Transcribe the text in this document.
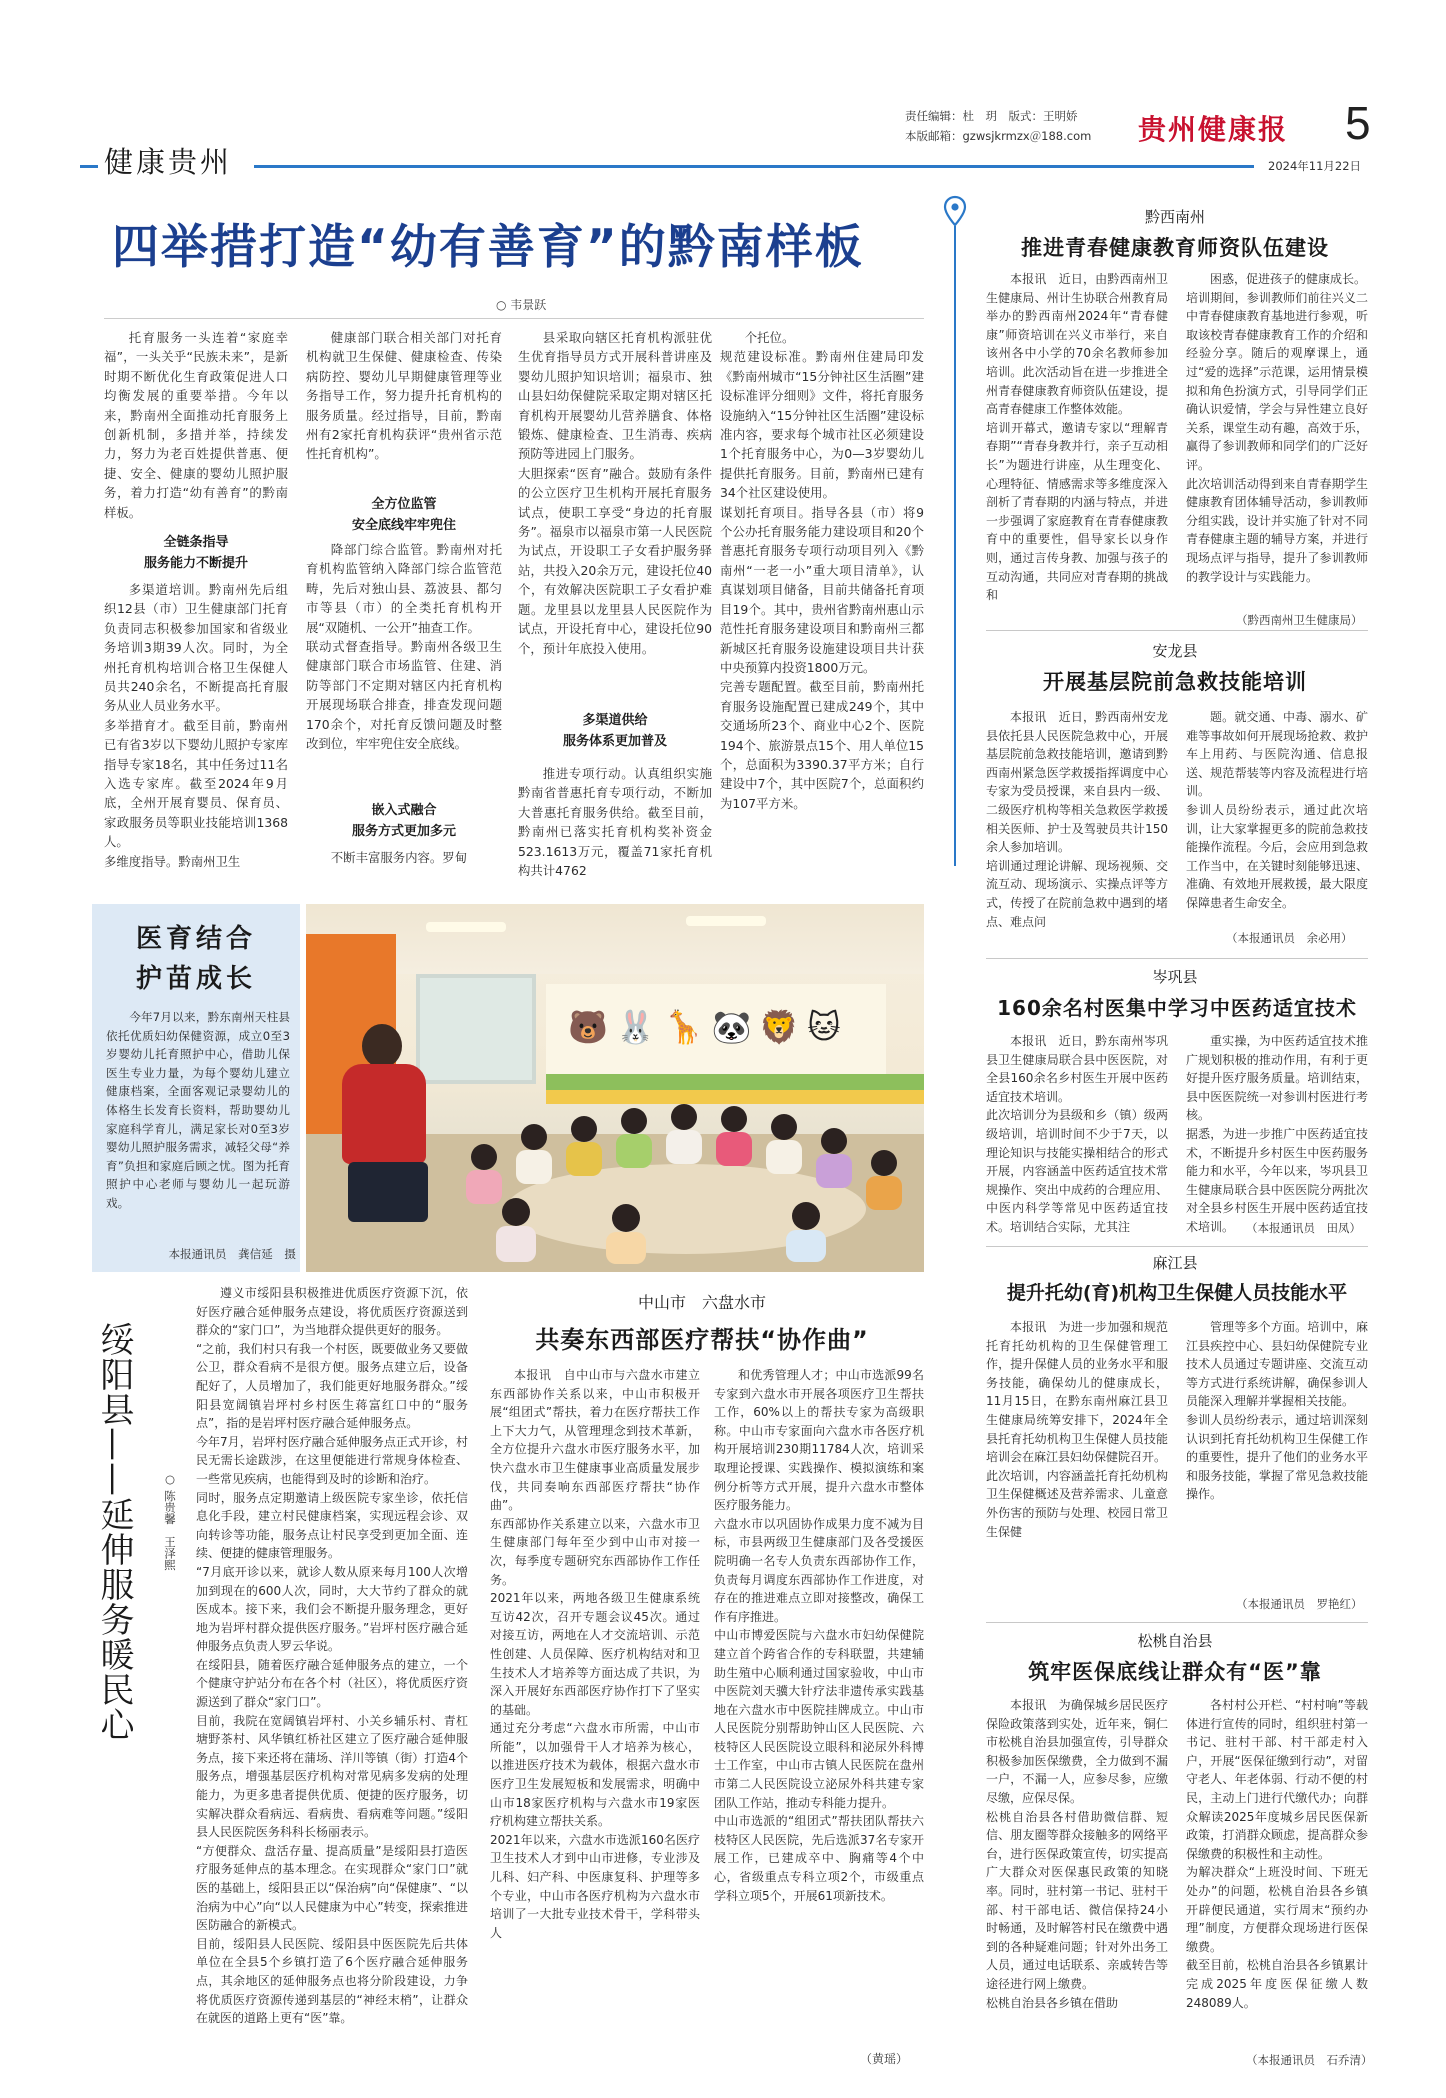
责任编辑：杜　玥　版式：王明娇
本版邮箱：gzwsjkrmzx＠188.com 贵州健康报 5
2024年11月22日
健康贵州
四举措打造“幼有善育”的黔南样板
○ 韦景跃
托育服务一头连着“家庭幸福”，一头关乎“民族未来”，是新时期不断优化生育政策促进人口均衡发展的重要举措。今年以来，黔南州全面推动托育服务上创新机制，多措并举，持续发力，努力为老百姓提供普惠、便捷、安全、健康的婴幼儿照护服务，着力打造“幼有善育”的黔南样板。
全链条指导
服务能力不断提升
多渠道培训。黔南州先后组织12县（市）卫生健康部门托育负责同志积极参加国家和省级业务培训3期39人次。同时，为全州托育机构培训合格卫生保健人员共240余名，不断提高托育服务从业人员业务水平。
多举措育才。截至目前，黔南州已有省3岁以下婴幼儿照护专家库指导专家18名，其中任务过11名入选专家库。截至2024年9月底，全州开展育婴员、保育员、家政服务员等职业技能培训1368人。
多维度指导。黔南州卫生
健康部门联合相关部门对托育机构就卫生保健、健康检查、传染病防控、婴幼儿早期健康管理等业务指导工作，努力提升托育机构的服务质量。经过指导，目前，黔南州有2家托育机构获评“贵州省示范性托育机构”。
全方位监管
安全底线牢牢兜住
降部门综合监管。黔南州对托育机构监管纳入降部门综合监管范畴，先后对独山县、荔波县、都匀市等县（市）的全类托育机构开展“双随机、一公开”抽查工作。
联动式督查指导。黔南州各级卫生健康部门联合市场监管、住建、消防等部门不定期对辖区内托育机构开展现场联合排查，排查发现问题170余个，对托育反馈问题及时整改到位，牢牢兜住安全底线。
嵌入式融合
服务方式更加多元
不断丰富服务内容。罗甸
县采取向辖区托育机构派驻优生优育指导员方式开展科普讲座及婴幼儿照护知识培训；福泉市、独山县妇幼保健院采取定期对辖区托育机构开展婴幼儿营养膳食、体格锻炼、健康检查、卫生消毒、疾病预防等进园上门服务。
大胆探索“医育”融合。鼓励有条件的公立医疗卫生机构开展托育服务试点，使职工享受“身边的托育服务”。福泉市以福泉市第一人民医院为试点，开设职工子女看护服务驿站，共投入20余万元，建设托位40个，有效解决医院职工子女看护难题。龙里县以龙里县人民医院作为试点，开设托育中心，建设托位90个，预计年底投入使用。
多渠道供给
服务体系更加普及
推进专项行动。认真组织实施黔南省普惠托育专项行动，不断加大普惠托育服务供给。截至目前，黔南州已落实托育机构奖补资金523.1613万元，覆盖71家托育机构共计4762
个托位。
规范建设标准。黔南州住建局印发《黔南州城市“15分钟社区生活圈”建设标准评分细则》文件，将托育服务设施纳入“15分钟社区生活圈”建设标准内容，要求每个城市社区必须建设1个托育服务中心，为0—3岁婴幼儿提供托育服务。目前，黔南州已建有34个社区建设使用。
谋划托育项目。指导各县（市）将9个公办托育服务能力建设项目和20个普惠托育服务专项行动项目列入《黔南州“一老一小”重大项目清单》，认真谋划项目储备，目前共储备托育项目19个。其中，贵州省黔南州惠山示范性托育服务建设项目和黔南州三都新城区托育服务设施建设项目共计获中央预算内投资1800万元。
完善专题配置。截至目前，黔南州托育服务设施配置已建成249个，其中交通场所23个、商业中心2个、医院194个、旅游景点15个、用人单位15个，总面积为3390.37平方米；自行建设中7个，其中医院7个，总面积约为107平方米。
医育结合
护苗成长
今年7月以来，黔东南州天柱县依托优质妇幼保健资源，成立0至3岁婴幼儿托育照护中心，借助儿保医生专业力量，为每个婴幼儿建立健康档案，全面客观记录婴幼儿的体格生长发育长资料，帮助婴幼儿家庭科学育儿，满足家长对0至3岁婴幼儿照护服务需求，减轻父母“养育”负担和家庭后顾之忧。图为托育照护中心老师与婴幼儿一起玩游戏。
本报通讯员　龚信延　摄
🐻🐰🦒🐼🦁🐱
绥阳县——延伸服务暖民心	○ 陈贵馨　王泽熙
遵义市绥阳县积极推进优质医疗资源下沉，依好医疗融合延伸服务点建设，将优质医疗资源送到群众的“家门口”，为当地群众提供更好的服务。
“之前，我们村只有我一个村医，既要做业务又要做公卫，群众看病不是很方便。服务点建立后，设备配好了，人员增加了，我们能更好地服务群众。”绥阳县宽阔镇岩坪村乡村医生蒋富红口中的“服务点”，指的是岩坪村医疗融合延伸服务点。
今年7月，岩坪村医疗融合延伸服务点正式开诊，村民无需长途跋涉，在这里便能进行常规身体检查、一些常见疾病，也能得到及时的诊断和治疗。
同时，服务点定期邀请上级医院专家坐诊，依托信息化手段，建立村民健康档案，实现远程会诊、双向转诊等功能，服务点让村民享受到更加全面、连续、便捷的健康管理服务。
“7月底开诊以来，就诊人数从原来每月100人次增加到现在的600人次，同时，大大节约了群众的就医成本。接下来，我们会不断提升服务理念，更好地为岩坪村群众提供医疗服务。”岩坪村医疗融合延伸服务点负责人罗云华说。
在绥阳县，随着医疗融合延伸服务点的建立，一个个健康守护站分布在各个村（社区），将优质医疗资源送到了群众“家门口”。
目前，我院在宽阔镇岩坪村、小关乡辅乐村、青杠塘野茶村、风华镇红桥社区建立了医疗融合延伸服务点，接下来还将在蒲场、洋川等镇（街）打造4个服务点，增强基层医疗机构对常见病多发病的处理能力，为更多患者提供优质、便捷的医疗服务，切实解决群众看病远、看病贵、看病难等问题。”绥阳县人民医院医务科科长杨丽表示。
“方便群众、盘活存量、提高质量”是绥阳县打造医疗服务延伸点的基本理念。在实现群众“家门口”就医的基础上，绥阳县正以“保治病”向“保健康”、“以治病为中心”向“以人民健康为中心”转变，探索推进医防融合的新模式。
目前，绥阳县人民医院、绥阳县中医医院先后共体单位在全县5个乡镇打造了6个医疗融合延伸服务点，其余地区的延伸服务点也将分阶段建设，力争将优质医疗资源传递到基层的“神经末梢”，让群众在就医的道路上更有“医”靠。
中山市　六盘水市
共奏东西部医疗帮扶“协作曲”
本报讯　自中山市与六盘水市建立东西部协作关系以来，中山市积极开展“组团式”帮扶，着力在医疗帮扶工作上下大力气，从管理理念到技术革新，全方位提升六盘水市医疗服务水平，加快六盘水市卫生健康事业高质量发展步伐，共同奏响东西部医疗帮扶“协作曲”。
东西部协作关系建立以来，六盘水市卫生健康部门每年至少到中山市对接一次，每季度专题研究东西部协作工作任务。
2021年以来，两地各级卫生健康系统互访42次，召开专题会议45次。通过对接互访，两地在人才交流培训、示范性创建、人员保障、医疗机构结对和卫生技术人才培养等方面达成了共识，为深入开展好东西部医疗协作打下了坚实的基础。
通过充分考虑“六盘水市所需，中山市所能”，以加强骨干人才培养为核心，以推进医疗技术为载体，根据六盘水市医疗卫生发展短板和发展需求，明确中山市18家医疗机构与六盘水市19家医疗机构建立帮扶关系。
2021年以来，六盘水市选派160名医疗卫生技术人才到中山市进修，专业涉及儿科、妇产科、中医康复科、护理等多个专业，中山市各医疗机构为六盘水市培训了一大批专业技术骨干，学科带头人
和优秀管理人才；中山市选派99名专家到六盘水市开展各项医疗卫生帮扶工作，60%以上的帮扶专家为高级职称。中山市专家面向六盘水市各医疗机构开展培训230期11784人次，培训采取理论授课、实践操作、模拟演练和案例分析等方式开展，提升六盘水市整体医疗服务能力。
六盘水市以巩固协作成果力度不减为目标，市县两级卫生健康部门及各受援医院明确一名专人负责东西部协作工作，负责每月调度东西部协作工作进度，对存在的推进难点立即对接整改，确保工作有序推进。
中山市博爱医院与六盘水市妇幼保健院建立首个跨省合作的专科联盟，共建辅助生殖中心顺利通过国家验收，中山市中医院刘天骥大针疗法非遗传承实践基地在六盘水市中医院挂牌成立。中山市人民医院分别帮助钟山区人民医院、六枝特区人民医院设立眼科和泌尿外科博士工作室，中山市古镇人民医院在盘州市第二人民医院设立泌尿外科共建专家团队工作站，推动专科能力提升。
中山市选派的“组团式”帮扶团队帮扶六枝特区人民医院，先后选派37名专家开展工作，已建成卒中、胸痛等4个中心，省级重点专科立项2个，市级重点学科立项5个，开展61项新技术。
（黄瑶）
黔西南州
推进青春健康教育师资队伍建设
本报讯　近日，由黔西南州卫生健康局、州计生协联合州教育局举办的黔西南州2024年“青春健康”师资培训在兴义市举行，来自该州各中小学的70余名教师参加培训。此次活动旨在进一步推进全州青春健康教育师资队伍建设，提高青春健康工作整体效能。
培训开幕式，邀请专家以“理解青春期”“青春身教并行，亲子互动相长”为题进行讲座，从生理变化、心理特征、情感需求等多维度深入剖析了青春期的内涵与特点，并进一步强调了家庭教育在青春健康教育中的重要性，倡导家长以身作则，通过言传身教、加强与孩子的互动沟通，共同应对青春期的挑战和
困惑，促进孩子的健康成长。
培训期间，参训教师们前往兴义二中青春健康教育基地进行参观，听取该校青春健康教育工作的介绍和经验分享。随后的观摩课上，通过“爱的选择”示范课，运用情景模拟和角色扮演方式，引导同学们正确认识爱情，学会与异性建立良好关系，课堂生动有趣，高效于乐，赢得了参训教师和同学们的广泛好评。
此次培训活动得到来自青春期学生健康教育团体辅导活动，参训教师分组实践，设计并实施了针对不同青春健康主题的辅导方案，并进行现场点评与指导，提升了参训教师的教学设计与实践能力。
（黔西南州卫生健康局）
安龙县
开展基层院前急救技能培训
本报讯　近日，黔西南州安龙县依托县人民医院急救中心，开展基层院前急救技能培训，邀请到黔西南州紧急医学救援指挥调度中心专家为受员授课，来自县内一级、二级医疗机构等相关急救医学救援相关医师、护士及驾驶员共计150余人参加培训。
培训通过理论讲解、现场视频、交流互动、现场演示、实操点评等方式，传授了在院前急救中遇到的堵点、难点问
题。就交通、中毒、溺水、矿难等事故如何开展现场抢救、救护车上用药、与医院沟通、信息报送、规范帮装等内容及流程进行培训。
参训人员纷纷表示，通过此次培训，让大家掌握更多的院前急救技能操作流程。今后，会应用到急救工作当中，在关键时刻能够迅速、准确、有效地开展救援，最大限度保障患者生命安全。
（本报通讯员　余必用）
岑巩县
160余名村医集中学习中医药适宜技术
本报讯　近日，黔东南州岑巩县卫生健康局联合县中医医院，对全县160余名乡村医生开展中医药适宜技术培训。
此次培训分为县级和乡（镇）级两级培训，培训时间不少于7天，以理论知识与技能实操相结合的形式开展，内容涵盖中医药适宜技术常规操作、突出中成药的合理应用、中医内科学等常见中医药适宜技术。培训结合实际，尤其注
重实操，为中医药适宜技术推广规划积极的推动作用，有利于更好提升医疗服务质量。培训结束，县中医医院统一对参训村医进行考核。
据悉，为进一步推广中医药适宜技术，不断提升乡村医生中医药服务能力和水平，今年以来，岑巩县卫生健康局联合县中医医院分两批次对全县乡村医生开展中医药适宜技术培训。	（本报通讯员　田凤）
麻江县
提升托幼(育)机构卫生保健人员技能水平
本报讯　为进一步加强和规范托育托幼机构的卫生保健管理工作，提升保健人员的业务水平和服务技能，确保幼儿的健康成长，11月15日，在黔东南州麻江县卫生健康局统筹安排下，2024年全县托育托幼机构卫生保健人员技能培训会在麻江县妇幼保健院召开。
此次培训，内容涵盖托育托幼机构卫生保健概述及营养需求、儿童意外伤害的预防与处理、校园日常卫生保健
管理等多个方面。培训中，麻江县疾控中心、县妇幼保健院专业技术人员通过专题讲座、交流互动等方式进行系统讲解，确保参训人员能深入理解并掌握相关技能。
参训人员纷纷表示，通过培训深刻认识到托育托幼机构卫生保健工作的重要性，提升了他们的业务水平和服务技能，掌握了常见急救技能操作。
（本报通讯员　罗艳红）
松桃自治县
筑牢医保底线让群众有“医”靠
本报讯　为确保城乡居民医疗保险政策落到实处，近年来，铜仁市松桃自治县加强宣传，引导群众积极参加医保缴费，全力做到不漏一户，不漏一人，应参尽参，应缴尽缴，应保尽保。
松桃自治县各村借助微信群、短信、朋友圈等群众接触多的网络平台，进行医保政策宣传，切实提高广大群众对医保惠民政策的知晓率。同时，驻村第一书记、驻村干部、村干部电话、微信保持24小时畅通，及时解答村民在缴费中遇到的各种疑难问题；针对外出务工人员，通过电话联系、亲戚转告等途径进行网上缴费。
松桃自治县各乡镇在借助
各村村公开栏、“村村响”等载体进行宣传的同时，组织驻村第一书记、驻村干部、村干部走村入户，开展“医保征缴到行动”，对留守老人、年老体弱、行动不便的村民，主动上门进行代缴代办；向群众解读2025年度城乡居民医保新政策，打消群众顾虑，提高群众参保缴费的积极性和主动性。
为解决群众“上班没时间、下班无处办”的问题，松桃自治县各乡镇开辟便民通道，实行周末“预约办理”制度，方便群众现场进行医保缴费。
截至目前，松桃自治县各乡镇累计完成2025年度医保征缴人数248089人。
（本报通讯员　石乔清）
